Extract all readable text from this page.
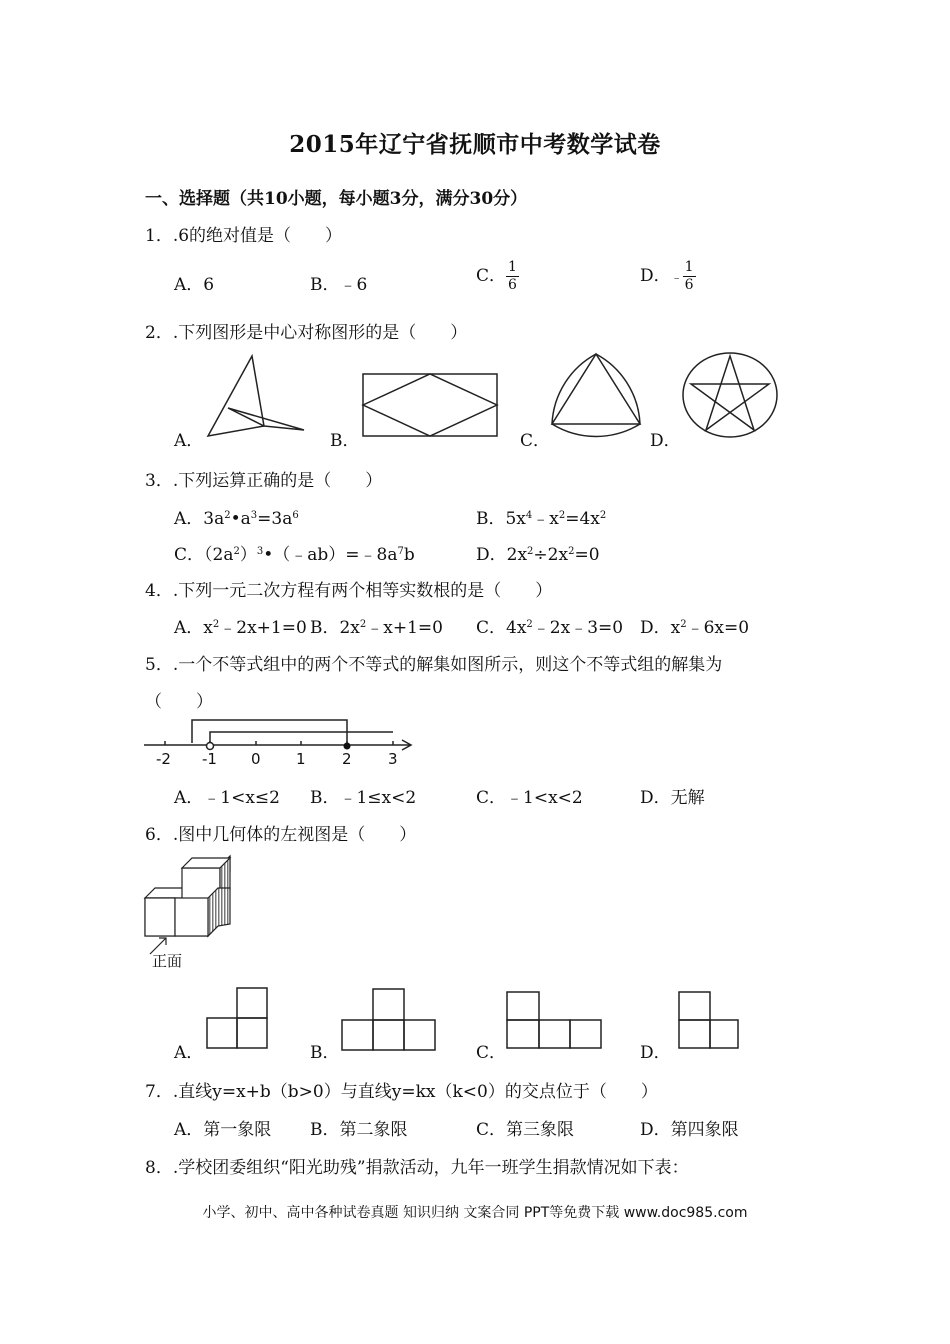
2015年辽宁省抚顺市中考数学试卷
一、选择题（共10小题，每小题3分，满分30分）
1．.6的绝对值是（　　）
A．6	B．﹣6	C． $\frac{1}{6}$	D．﹣ $\frac{1}{6}$
2．.下列图形是中心对称图形的是（　　）
A．	B．	C．	D．
3．.下列运算正确的是（　　）
A．$3a^2•a^3=3a^6$	B．$5x^4﹣x^2=4x^2$
C．$(2a^2)^3•(﹣ab)=﹣8a^7b$	D．$2x^2\div 2x^2=0$
4．.下列一元二次方程有两个相等实数根的是（　　）
A．$x^2﹣2x+1=0$ B．$2x^2﹣x+1=0$ C．$4x^2﹣2x﹣3=0$ D．$x^2﹣6x=0$
5．.一个不等式组中的两个不等式的解集如图所示，则这个不等式组的解集为
（　　）
-2 -1 0 1 2 3
A．﹣1<x≤2 B．﹣1≤x<2	C．﹣1<x<2	D．无解
6．.图中几何体的左视图是（　　）
正面
A．	B．	C．	D．
7．.直线y=x+b（b>0）与直线y=kx（k<0）的交点位于（　　）
A．第一象限 B．第二象限	C．第三象限	D．第四象限
8．.学校团委组织“阳光助残”捐款活动，九年一班学生捐款情况如下表：
小学、初中、高中各种试卷真题 知识归纳 文案合同 PPT等免费下载 www.doc985.com
